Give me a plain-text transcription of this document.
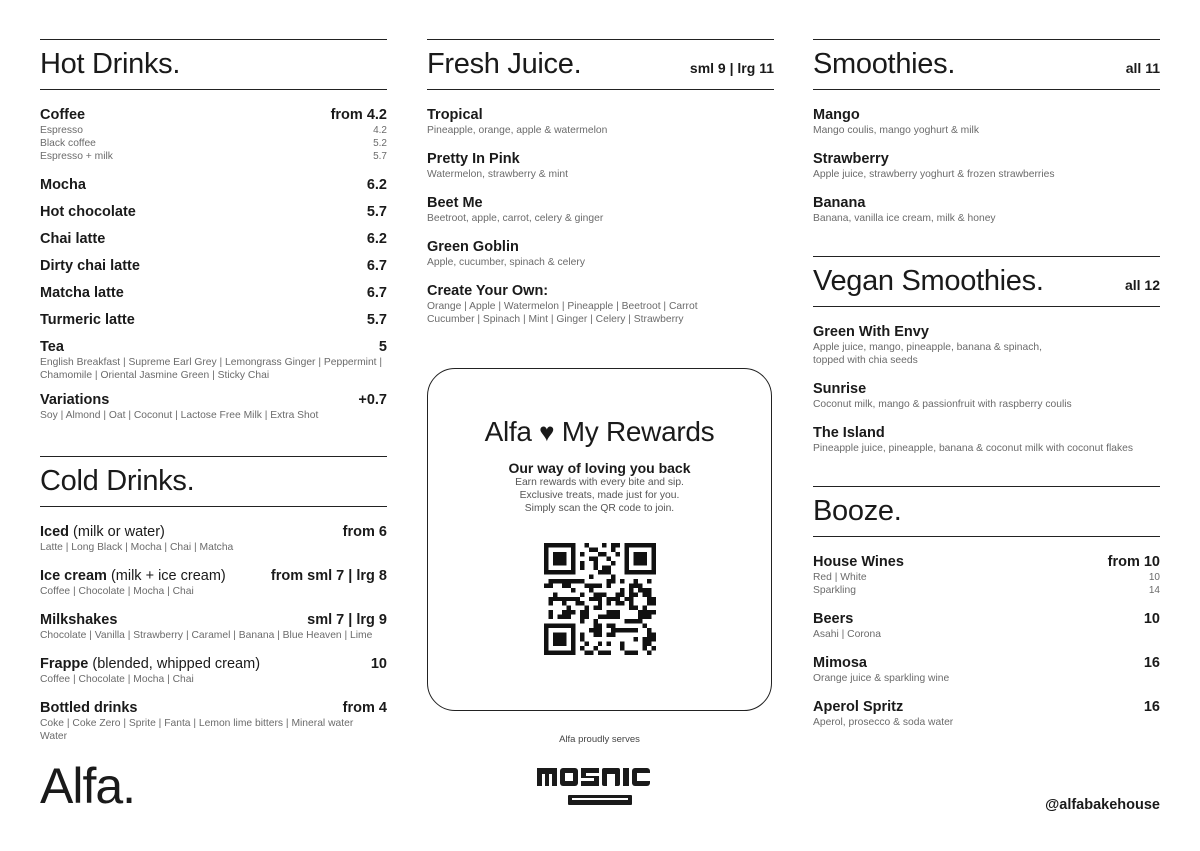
Hot Drinks.
Coffee	from 4.2
Espresso	4.2
Black coffee	5.2
Espresso + milk	5.7
Mocha	6.2
Hot chocolate	5.7
Chai latte	6.2
Dirty chai latte	6.7
Matcha latte	6.7
Turmeric latte	5.7
Tea	5
English Breakfast | Supreme Earl Grey | Lemongrass Ginger | Peppermint | Chamomile | Oriental Jasmine Green | Sticky Chai
Variations	+0.7
Soy | Almond | Oat | Coconut | Lactose Free Milk | Extra Shot
Cold Drinks.
Iced (milk or water)	from 6
Latte | Long Black | Mocha | Chai | Matcha
Ice cream (milk + ice cream)	from sml 7 | lrg 8
Coffee | Chocolate | Mocha | Chai
Milkshakes	sml 7 | lrg 9
Chocolate | Vanilla | Strawberry | Caramel | Banana | Blue Heaven | Lime
Frappe (blended, whipped cream)	10
Coffee | Chocolate | Mocha | Chai
Bottled drinks	from 4
Coke | Coke Zero | Sprite | Fanta | Lemon lime bitters | Mineral water Water
Alfa.
Fresh Juice.	sml 9 | lrg 11
Tropical
Pineapple, orange, apple & watermelon
Pretty In Pink
Watermelon, strawberry & mint
Beet Me
Beetroot, apple, carrot, celery & ginger
Green Goblin
Apple, cucumber, spinach & celery
Create Your Own:
Orange | Apple | Watermelon | Pineapple | Beetroot | Carrot Cucumber | Spinach | Mint | Ginger | Celery | Strawberry
Alfa ♥ My Rewards
Our way of loving you back
Earn rewards with every bite and sip.
Exclusive treats, made just for you.
Simply scan the QR code to join.
Alfa proudly serves
Smoothies.	all 11
Mango
Mango coulis, mango yoghurt & milk
Strawberry
Apple juice, strawberry yoghurt & frozen strawberries
Banana
Banana, vanilla ice cream, milk & honey
Vegan Smoothies.	all 12
Green With Envy
Apple juice, mango, pineapple, banana & spinach, topped with chia seeds
Sunrise
Coconut milk, mango & passionfruit with raspberry coulis
The Island
Pineapple juice, pineapple, banana & coconut milk with coconut flakes
Booze.
House Wines	from 10
Red | White	10
Sparkling	14
Beers	10
Asahi | Corona
Mimosa	16
Orange juice & sparkling wine
Aperol Spritz	16
Aperol, prosecco & soda water
@alfabakehouse
